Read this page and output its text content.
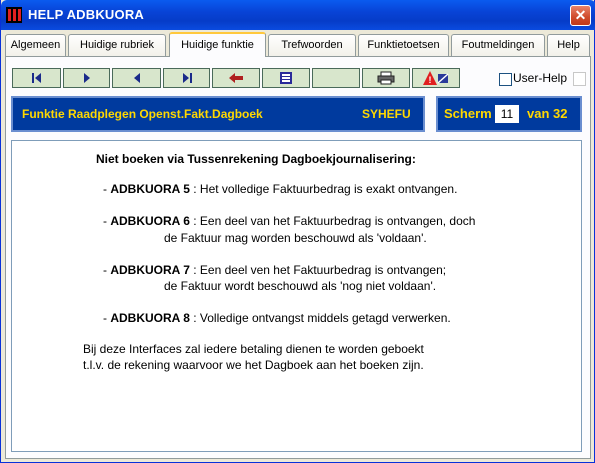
HELP ADBKUORA	✕
Algemeen	Huidige rubriek	Huidige funktie	Trefwoorden	Funktietoetsen	Foutmeldingen	Help
!	User-Help
Funktie Raadplegen Openst.Fakt.Dagboek	SYHEFU	Scherm 11	van 32
Niet boeken via Tussenrekening Dagboekjournalisering:
- ADBKUORA 5 : Het volledige Faktuurbedrag is exakt ontvangen.
- ADBKUORA 6 : Een deel van het Faktuurbedrag is ontvangen, doch
de Faktuur mag worden beschouwd als 'voldaan'.
- ADBKUORA 7 : Een deel ven het Faktuurbedrag is ontvangen;
de Faktuur wordt beschouwd als 'nog niet voldaan'.
- ADBKUORA 8 : Volledige ontvangst middels getagd verwerken.
Bij deze Interfaces zal iedere betaling dienen te worden geboekt
t.l.v. de rekening waarvoor we het Dagboek aan het boeken zijn.
